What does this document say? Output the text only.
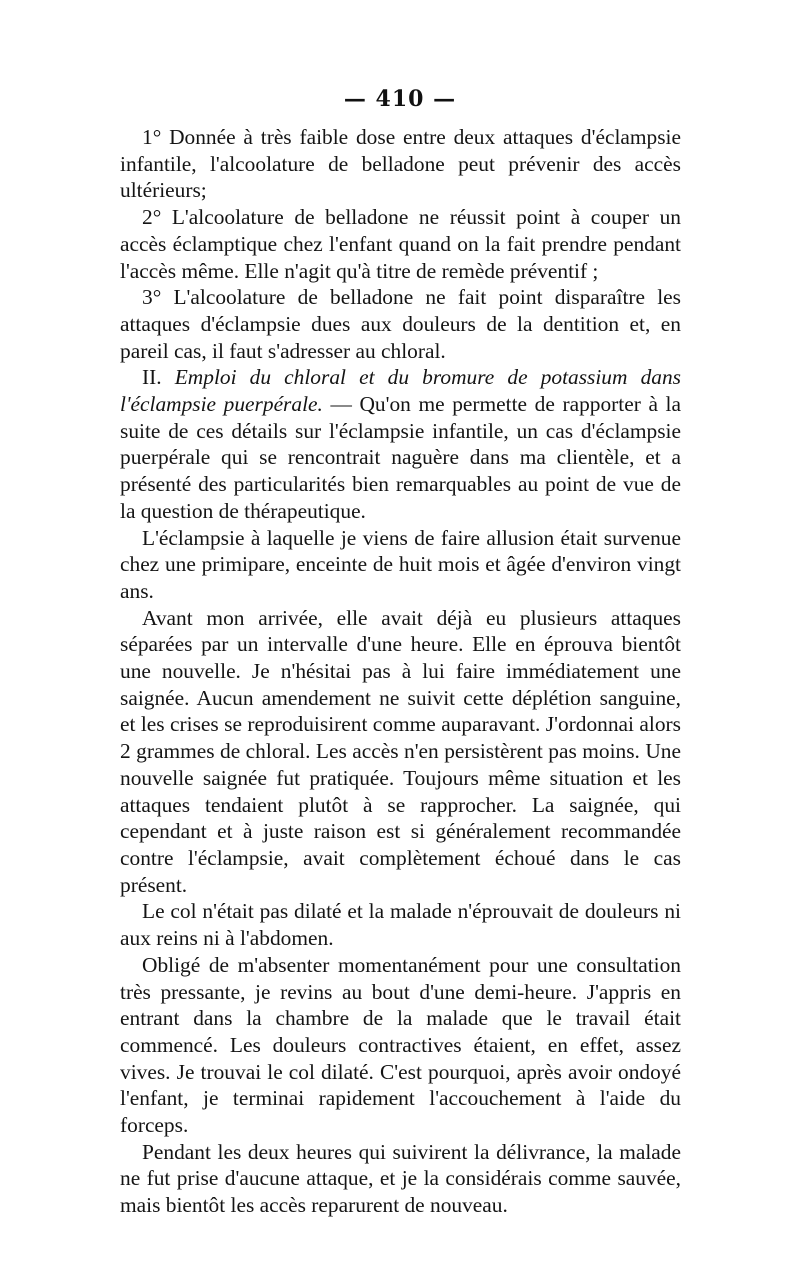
— 410 —

1° Donnée à très faible dose entre deux attaques d'éclampsie infantile, l'alcoolature de belladone peut prévenir des accès ultérieurs;

2° L'alcoolature de belladone ne réussit point à couper un accès éclamptique chez l'enfant quand on la fait prendre pendant l'accès même. Elle n'agit qu'à titre de remède préventif ;

3° L'alcoolature de belladone ne fait point disparaître les attaques d'éclampsie dues aux douleurs de la dentition et, en pareil cas, il faut s'adresser au chloral.

II. Emploi du chloral et du bromure de potassium dans l'éclampsie puerpérale. — Qu'on me permette de rapporter à la suite de ces détails sur l'éclampsie infantile, un cas d'éclampsie puerpérale qui se rencontrait naguère dans ma clientèle, et a présenté des particularités bien remarquables au point de vue de la question de thérapeutique.

L'éclampsie à laquelle je viens de faire allusion était survenue chez une primipare, enceinte de huit mois et âgée d'environ vingt ans.

Avant mon arrivée, elle avait déjà eu plusieurs attaques séparées par un intervalle d'une heure. Elle en éprouva bientôt une nouvelle. Je n'hésitai pas à lui faire immédiatement une saignée. Aucun amendement ne suivit cette déplétion sanguine, et les crises se reproduisirent comme auparavant. J'ordonnai alors 2 grammes de chloral. Les accès n'en persistèrent pas moins. Une nouvelle saignée fut pratiquée. Toujours même situation et les attaques tendaient plutôt à se rapprocher. La saignée, qui cependant et à juste raison est si généralement recommandée contre l'éclampsie, avait complètement échoué dans le cas présent.

Le col n'était pas dilaté et la malade n'éprouvait de douleurs ni aux reins ni à l'abdomen.

Obligé de m'absenter momentanément pour une consultation très pressante, je revins au bout d'une demi-heure. J'appris en entrant dans la chambre de la malade que le travail était commencé. Les douleurs contractives étaient, en effet, assez vives. Je trouvai le col dilaté. C'est pourquoi, après avoir ondoyé l'enfant, je terminai rapidement l'accouchement à l'aide du forceps.

Pendant les deux heures qui suivirent la délivrance, la malade ne fut prise d'aucune attaque, et je la considérais comme sauvée, mais bientôt les accès reparurent de nouveau.
